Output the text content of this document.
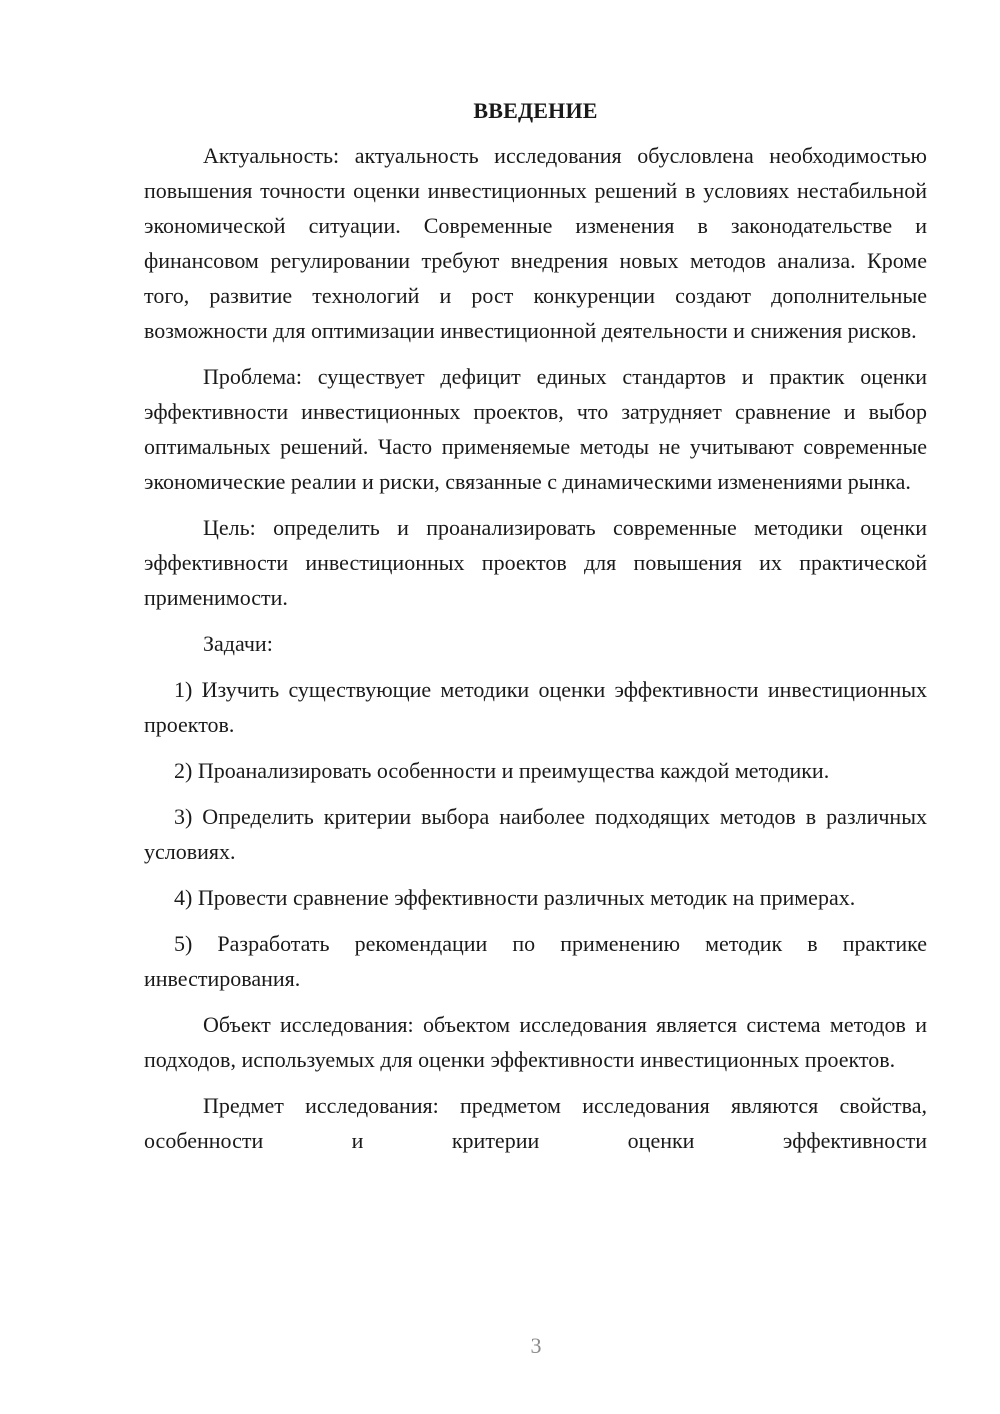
ВВЕДЕНИЕ

Актуальность: актуальность исследования обусловлена необходимостью повышения точности оценки инвестиционных решений в условиях нестабильной экономической ситуации. Современные изменения в законодательстве и финансовом регулировании требуют внедрения новых методов анализа. Кроме того, развитие технологий и рост конкуренции создают дополнительные возможности для оптимизации инвестиционной деятельности и снижения рисков.

Проблема: существует дефицит единых стандартов и практик оценки эффективности инвестиционных проектов, что затрудняет сравнение и выбор оптимальных решений. Часто применяемые методы не учитывают современные экономические реалии и риски, связанные с динамическими изменениями рынка.

Цель: определить и проанализировать современные методики оценки эффективности инвестиционных проектов для повышения их практической применимости.

Задачи:

1) Изучить существующие методики оценки эффективности инвестиционных проектов.

2) Проанализировать особенности и преимущества каждой методики.

3) Определить критерии выбора наиболее подходящих методов в различных условиях.

4) Провести сравнение эффективности различных методик на примерах.

5) Разработать рекомендации по применению методик в практике инвестирования.

Объект исследования: объектом исследования является система методов и подходов, используемых для оценки эффективности инвестиционных проектов.

Предмет исследования: предметом исследования являются свойства, особенности и критерии оценки эффективности

3
